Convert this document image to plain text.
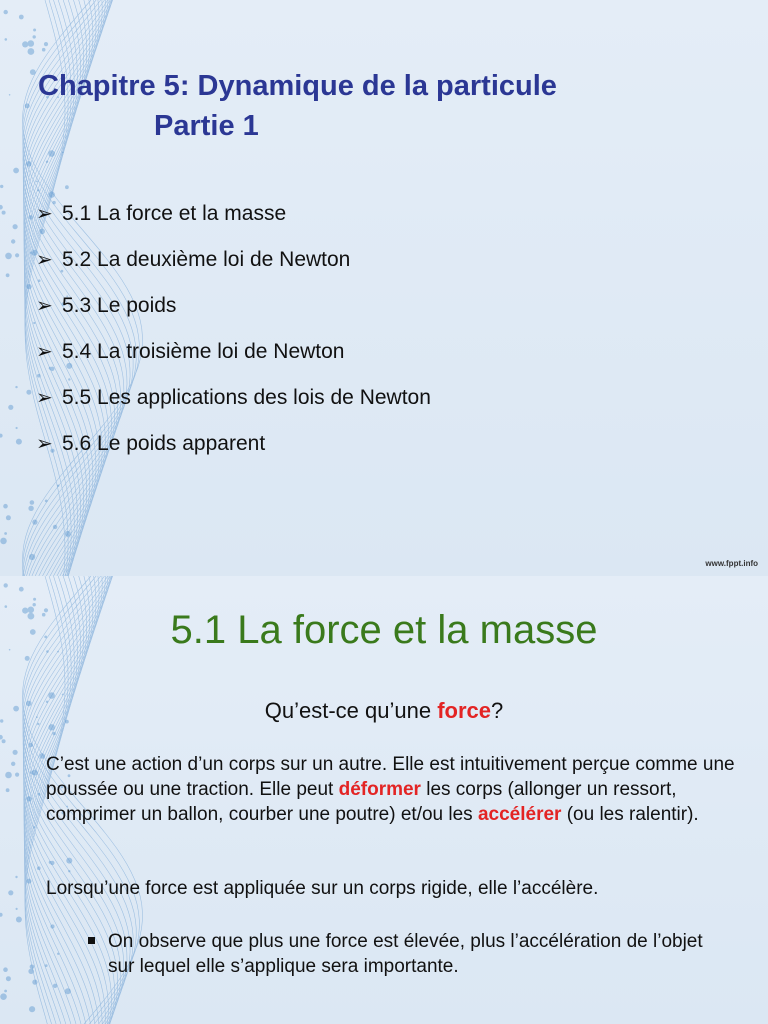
Chapitre 5: Dynamique de la particule
Partie 1
➢ 5.1 La force et la masse
➢ 5.2 La deuxième loi de Newton
➢ 5.3 Le poids
➢ 5.4 La troisième loi de Newton
➢ 5.5 Les applications des lois de Newton
➢ 5.6 Le poids apparent
www.fppt.info
5.1 La force et la masse

Qu’est-ce qu’une force?

C’est une action d’un corps sur un autre. Elle est intuitivement perçue comme une poussée ou une traction. Elle peut déformer les corps (allonger un ressort, comprimer un ballon, courber une poutre) et/ou les accélérer (ou les ralentir).

Lorsqu’une force est appliquée sur un corps rigide, elle l’accélère.

On observe que plus une force est élevée, plus l’accélération de l’objet sur lequel elle s’applique sera importante.
